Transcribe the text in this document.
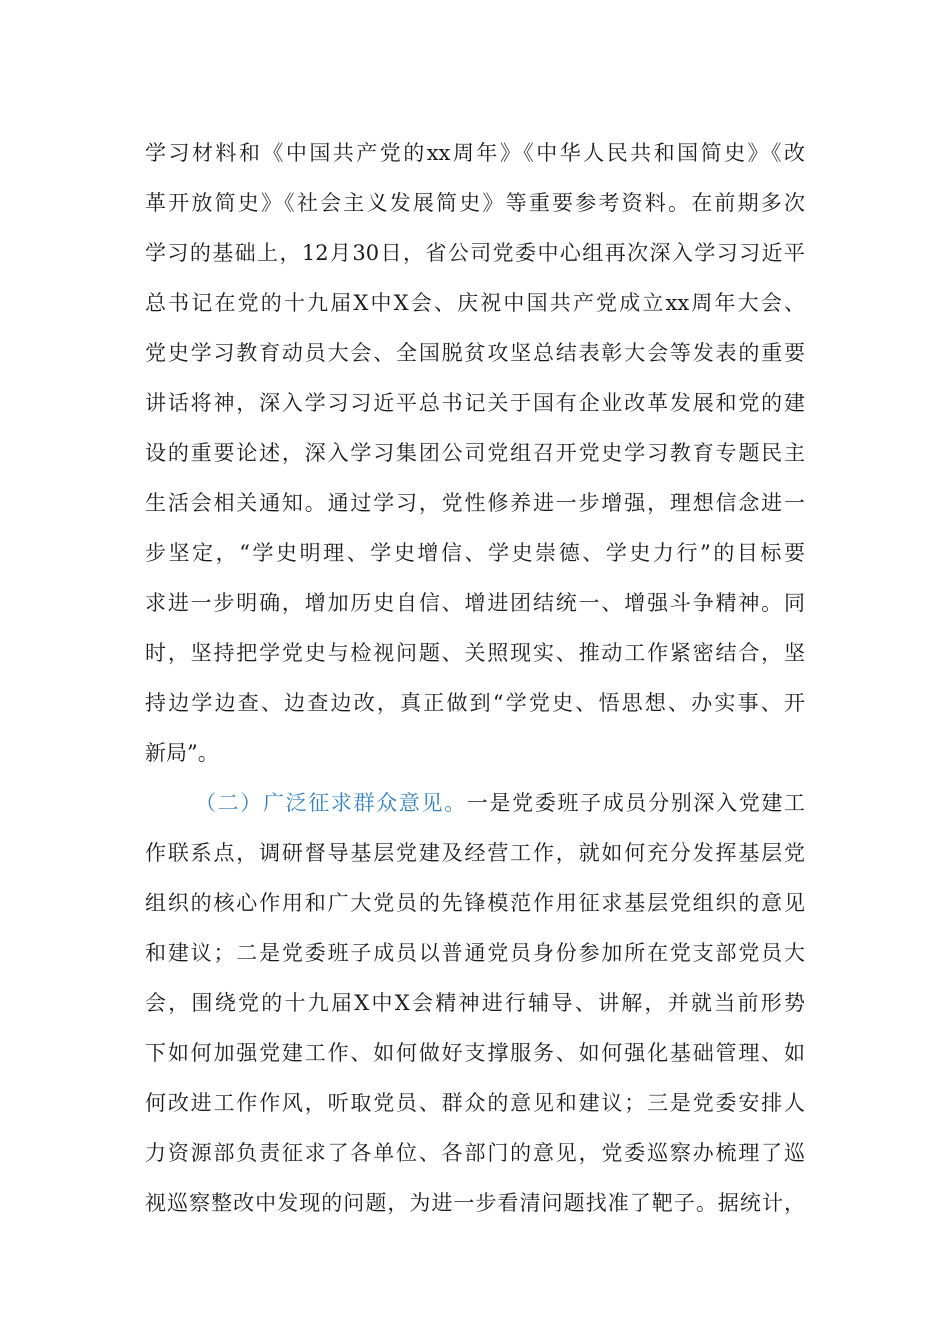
学习材料和《中国共产党的xx周年》《中华人民共和国简史》《改
革开放简史》《社会主义发展简史》等重要参考资料。在前期多次
学习的基础上，12月30日，省公司党委中心组再次深入学习习近平
总书记在党的十九届X中X会、庆祝中国共产党成立xx周年大会、
党史学习教育动员大会、全国脱贫攻坚总结表彰大会等发表的重要
讲话将神，深入学习习近平总书记关于国有企业改革发展和党的建
设的重要论述，深入学习集团公司党组召开党史学习教育专题民主
生活会相关通知。通过学习，党性修养进一步增强，理想信念进一
步坚定，“学史明理、学史增信、学史崇德、学史力行”的目标要
求进一步明确，增加历史自信、增进团结统一、增强斗争精神。同
时，坚持把学党史与检视问题、关照现实、推动工作紧密结合，坚
持边学边查、边查边改，真正做到“学党史、悟思想、办实事、开
新局”。
（二）广泛征求群众意见。一是党委班子成员分别深入党建工
作联系点，调研督导基层党建及经营工作，就如何充分发挥基层党
组织的核心作用和广大党员的先锋模范作用征求基层党组织的意见
和建议；二是党委班子成员以普通党员身份参加所在党支部党员大
会，围绕党的十九届X中X会精神进行辅导、讲解，并就当前形势
下如何加强党建工作、如何做好支撑服务、如何强化基础管理、如
何改进工作作风，听取党员、群众的意见和建议；三是党委安排人
力资源部负责征求了各单位、各部门的意见，党委巡察办梳理了巡
视巡察整改中发现的问题，为进一步看清问题找准了靶子。据统计，
